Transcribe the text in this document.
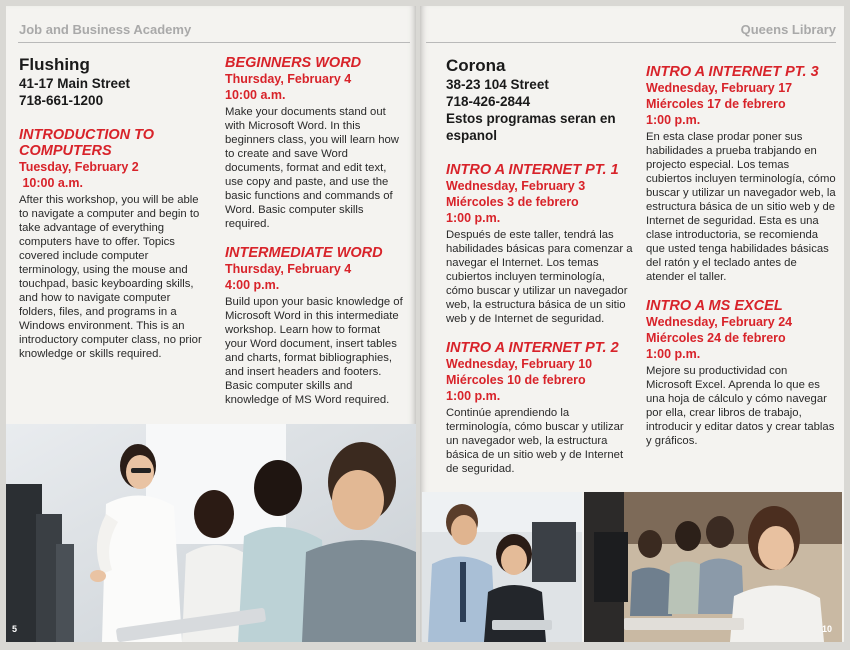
Job and Business Academy
Flushing
41-17 Main Street
718-661-1200
INTRODUCTION TO COMPUTERS
Tuesday, February 2
10:00 a.m.
After this workshop, you will be able to navigate a computer and begin to take advantage of everything computers have to offer. Topics covered include computer terminology, using the mouse and touchpad, basic keyboarding skills, and how to navigate computer folders, files, and programs in a Windows environment. This is an introductory computer class, no prior knowledge or skills required.
BEGINNERS WORD
Thursday, February 4
10:00 a.m.
Make your documents stand out with Microsoft Word. In this beginners class, you will learn how to create and save Word documents, format and edit text, use copy and paste, and use the basic functions and commands of Word. Basic computer skills required.
INTERMEDIATE WORD
Thursday, February 4
4:00 p.m.
Build upon your basic knowledge of Microsoft Word in this intermediate workshop. Learn how to format your Word document, insert tables and charts, format bibliographies, and insert headers and footers. Basic computer skills and knowledge of MS Word required.
5
Queens Library
Corona
38-23 104 Street
718-426-2844
Estos programas seran en espanol
INTRO A INTERNET PT. 1
Wednesday, February 3
Miércoles 3 de febrero
1:00 p.m.
Después de este taller, tendrá las habilidades básicas para comenzar a navegar el Internet. Los temas cubiertos incluyen terminología, cómo buscar y utilizar un navegador web, la estructura básica de un sitio web y de Internet de seguridad.
INTRO A INTERNET PT. 2
Wednesday, February 10
Miércoles 10 de febrero
1:00 p.m.
Continúe aprendiendo la terminología, cómo buscar y utilizar un navegador web, la estructura básica de un sitio web y de Internet de seguridad.
INTRO A INTERNET PT. 3
Wednesday, February 17
Miércoles 17 de febrero
1:00 p.m.
En esta clase prodar poner sus habilidades a prueba trabjando en projecto especial. Los temas cubiertos incluyen terminología, cómo buscar y utilizar un navegador web, la estructura básica de un sitio web y de Internet de seguridad. Esta es una clase introductoria, se recomienda que usted tenga habilidades básicas del ratón y el teclado antes de atender el taller.
INTRO A MS EXCEL
Wednesday, February 24
Miércoles 24 de febrero
1:00 p.m.
Mejore su productividad con Microsoft Excel. Aprenda lo que es una hoja de cálculo y cómo navegar por ella, crear libros de trabajo, introducir y editar datos y crear tablas y gráficos.
10
